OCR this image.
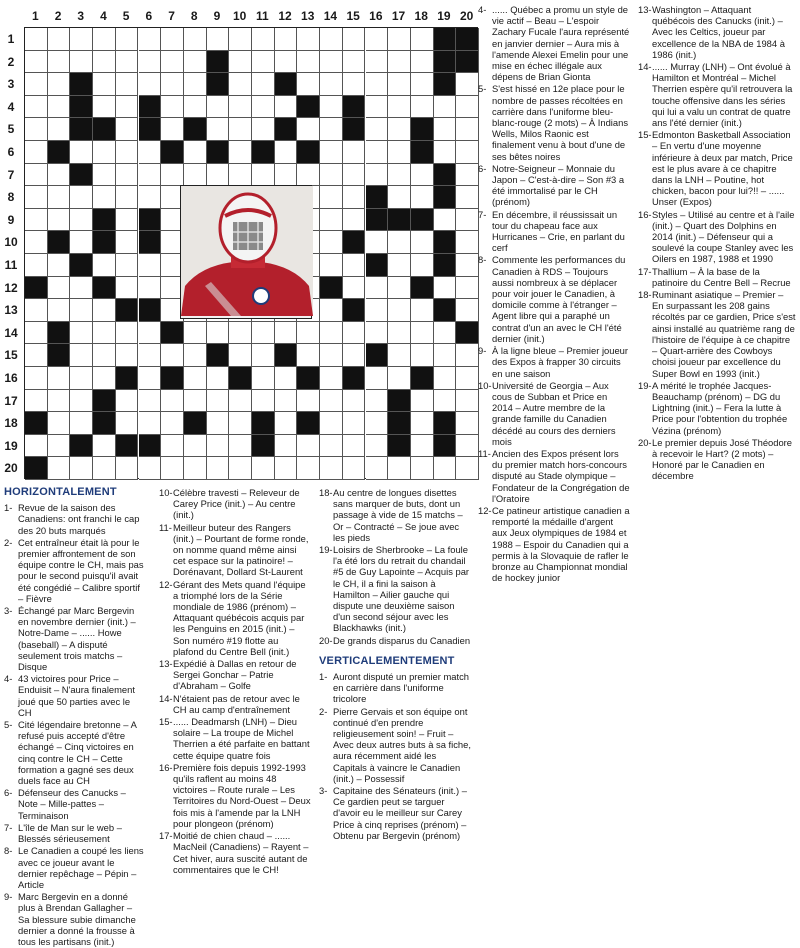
1	2	3	4	5	6	7	8	9	10 11 12 13 14 15 16 17 18 19 20
1
2
3
4
5
6
7
8
9
10
11
12
13
14
15
16
17
18
19
20
HORIZONTALEMENT
1- Revue de la saison des Canadiens: ont franchi le cap des 20 buts marqués
2- Cet entraîneur était là pour le premier affrontement de son équipe contre le CH, mais pas pour le second puisqu'il avait été congédié – Calibre sportif – Fièvre
3- Échangé par Marc Bergevin en novembre dernier (init.) – Notre-Dame – ...... Howe (baseball) – A disputé seulement trois matchs – Disque
4- 43 victoires pour Price – Enduisit – N'aura finalement joué que 50 parties avec le CH
5- Cité légendaire bretonne – A refusé puis accepté d'être échangé – Cinq victoires en cinq contre le CH – Cette formation a gagné ses deux duels face au CH
6- Défenseur des Canucks – Note – Mille-pattes – Terminaison
7- L'île de Man sur le web – Blessés sérieusement
8- Le Canadien a coupé les liens avec ce joueur avant le dernier repêchage – Pépin – Article
9- Marc Bergevin en a donné plus à Brendan Gallagher – Sa blessure subie dimanche dernier a donné la frousse à tous les partisans (init.)
10- Célèbre travesti – Releveur de Carey Price (init.) – Au centre (init.)
11- Meilleur buteur des Rangers (init.) – Pourtant de forme ronde, on nomme quand même ainsi cet espace sur la patinoire! – Dorénavant, Dollard St-Laurent
12- Gérant des Mets quand l'équipe a triomphé lors de la Série mondiale de 1986 (prénom) – Attaquant québécois acquis par les Penguins en 2015 (init.) – Son numéro #19 flotte au plafond du Centre Bell (init.)
13- Expédié à Dallas en retour de Sergei Gonchar – Patrie d'Abraham – Golfe
14- N'étaient pas de retour avec le CH au camp d'entraînement
15- ...... Deadmarsh (LNH) – Dieu solaire – La troupe de Michel Therrien a été parfaite en battant cette équipe quatre fois
16- Première fois depuis 1992-1993 qu'ils raflent au moins 48 victoires – Route rurale – Les Territoires du Nord-Ouest – Deux fois mis à l'amende par la LNH pour plongeon (prénom)
17- Moitié de chien chaud – ...... MacNeil (Canadiens) – Rayent – Cet hiver, aura suscité autant de commentaires que le CH!
18- Au centre de longues disettes sans marquer de buts, dont un passage à vide de 15 matchs – Or – Contracté – Se joue avec les pieds
19- Loisirs de Sherbrooke – La foule l'a été lors du retrait du chandail #5 de Guy Lapointe – Acquis par le CH, il a fini la saison à Hamilton – Ailier gauche qui dispute une deuxième saison d'un second séjour avec les Blackhawks (init.)
20- De grands disparus du Canadien
VERTICALEMENTEMENT
1- Auront disputé un premier match en carrière dans l'uniforme tricolore
2- Pierre Gervais et son équipe ont continué d'en prendre religieusement soin! – Fruit – Avec deux autres buts à sa fiche, aura récemment aidé les Capitals à vaincre le Canadien (init.) – Possessif
3- Capitaine des Sénateurs (init.) – Ce gardien peut se targuer d'avoir eu le meilleur sur Carey Price à cinq reprises (prénom) – Obtenu par Bergevin (prénom)
4- ...... Québec a promu un style de vie actif – Beau – L'espoir Zachary Fucale l'aura représenté en janvier dernier – Aura mis à l'amende Alexei Emelin pour une mise en échec illégale aux dépens de Brian Gionta
5- S'est hissé en 12e place pour le nombre de passes récoltées en carrière dans l'uniforme bleu-blanc-rouge (2 mots) – À Indians Wells, Milos Raonic est finalement venu à bout d'une de ses bêtes noires
6- Notre-Seigneur – Monnaie du Japon – C'est-à-dire – Son #3 a été immortalisé par le CH (prénom)
7- En décembre, il réussissait un tour du chapeau face aux Hurricanes – Crie, en parlant du cerf
8- Commente les performances du Canadien à RDS – Toujours aussi nombreux à se déplacer pour voir jouer le Canadien, à domicile comme à l'étranger – Agent libre qui a paraphé un contrat d'un an avec le CH l'été dernier (init.)
9- À la ligne bleue – Premier joueur des Expos à frapper 30 circuits en une saison
10- Université de Georgia – Aux cous de Subban et Price en 2014 – Autre membre de la grande famille du Canadien décédé au cours des derniers mois
11- Ancien des Expos présent lors du premier match hors-concours disputé au Stade olympique – Fondateur de la Congrégation de l'Oratoire
12- Ce patineur artistique canadien a remporté la médaille d'argent aux Jeux olympiques de 1984 et 1988 – Espoir du Canadien qui a permis à la Slovaquie de rafler le bronze au Championnat mondial de hockey junior
13- Washington – Attaquant québécois des Canucks (init.) – Avec les Celtics, joueur par excellence de la NBA de 1984 à 1986 (init.)
14- ...... Murray (LNH) – Ont évolué à Hamilton et Montréal – Michel Therrien espère qu'il retrouvera la touche offensive dans les séries qui lui a valu un contrat de quatre ans l'été dernier (init.)
15- Edmonton Basketball Association – En vertu d'une moyenne inférieure à deux par match, Price est le plus avare à ce chapitre dans la LNH – Poutine, hot chicken, bacon pour lui?!! – ...... Unser (Expos)
16- Styles – Utilisé au centre et à l'aile (init.) – Quart des Dolphins en 2014 (init.) – Défenseur qui a soulevé la coupe Stanley avec les Oilers en 1987, 1988 et 1990
17- Thallium – À la base de la patinoire du Centre Bell – Recrue
18- Ruminant asiatique – Premier – En surpassant les 208 gains récoltés par ce gardien, Price s'est ainsi installé au quatrième rang de l'histoire de l'équipe à ce chapitre – Quart-arrière des Cowboys choisi joueur par excellence du Super Bowl en 1993 (init.)
19- A mérité le trophée Jacques-Beauchamp (prénom) – DG du Lightning (init.) – Fera la lutte à Price pour l'obtention du trophée Vézina (prénom)
20- Le premier depuis José Théodore à recevoir le Hart? (2 mots) – Honoré par le Canadien en décembre
